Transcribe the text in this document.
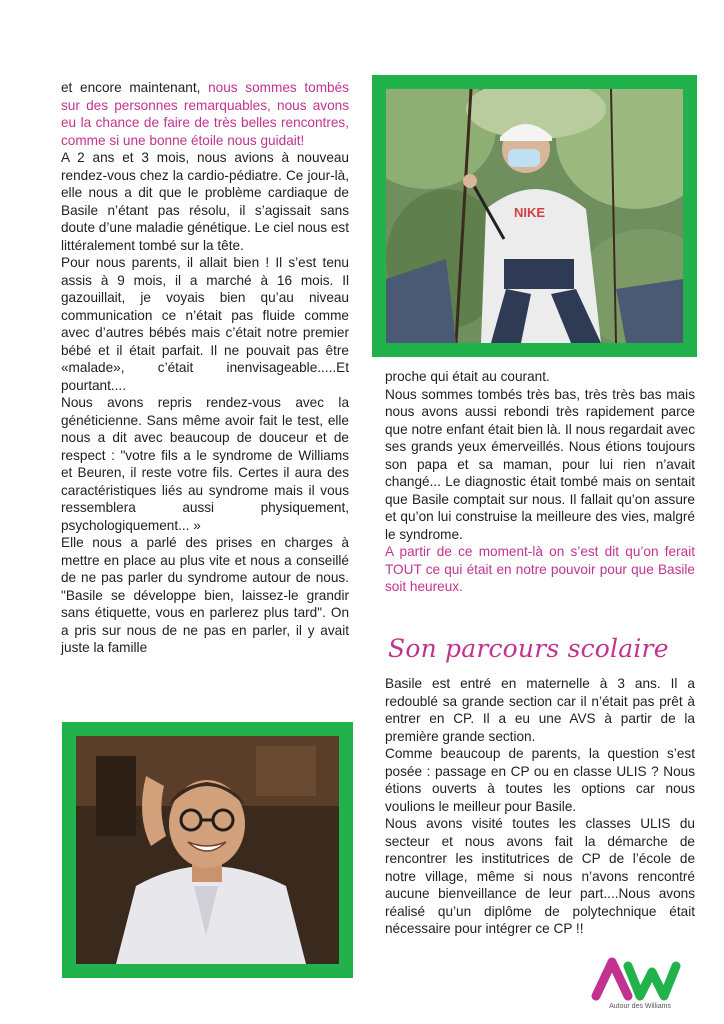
et encore maintenant, nous sommes tombés sur des personnes remarquables, nous avons eu la chance de faire de très belles rencontres, comme si une bonne étoile nous guidait!

A 2 ans et 3 mois, nous avions à nouveau rendez-vous chez la cardio-pédiatre. Ce jour-là, elle nous a dit que le problème cardiaque de Basile n’étant pas résolu, il s’agissait sans doute d’une maladie génétique. Le ciel nous est littéralement tombé sur la tête.

Pour nous parents, il allait bien ! Il s’est tenu assis à 9 mois, il a marché à 16 mois. Il gazouillait, je voyais bien qu’au niveau communication ce n’était pas fluide comme avec d’autres bébés mais c’était notre premier bébé et il était parfait. Il ne pouvait pas être «malade», c’était inenvisageable.....Et pourtant....

Nous avons repris rendez-vous avec la généticienne. Sans même avoir fait le test, elle nous a dit avec beaucoup de douceur et de respect : "votre fils a le syndrome de Williams et Beuren, il reste votre fils. Certes il aura des caractéristiques liés au syndrome mais il vous ressemblera aussi physiquement, psychologiquement... »

Elle nous a parlé des prises en charges à mettre en place au plus vite et nous a conseillé de ne pas parler du syndrome autour de nous. "Basile se développe bien, laissez-le grandir sans étiquette, vous en parlerez plus tard". On a pris sur nous de ne pas en parler, il y avait juste la famille

NIKE

proche qui était au courant.

Nous sommes tombés très bas, très très bas mais nous avons aussi rebondi très rapidement parce que notre enfant était bien là. Il nous regardait avec ses grands yeux émerveillés. Nous étions toujours son papa et sa maman, pour lui rien n’avait changé... Le diagnostic était tombé mais on sentait que Basile comptait sur nous. Il fallait qu’on assure et qu’on lui construise la meilleure des vies, malgré le syndrome.

A partir de ce moment-là on s’est dit qu’on ferait TOUT ce qui était en notre pouvoir pour que Basile soit heureux.

Son parcours scolaire

Basile est entré en maternelle à 3 ans. Il a redoublé sa grande section car il n’était pas prêt à entrer en CP. Il a eu une AVS à partir de la première grande section.

Comme beaucoup de parents, la question s’est posée : passage en CP ou en classe ULIS ? Nous étions ouverts à toutes les options car nous voulions le meilleur pour Basile.

Nous avons visité toutes les classes ULIS du secteur et nous avons fait la démarche de rencontrer les institutrices de CP de l’école de notre village, même si nous n’avons rencontré aucune bienveillance de leur part....Nous avons réalisé qu’un diplôme de polytechnique était nécessaire pour intégrer ce CP !!

Autour des Williams
